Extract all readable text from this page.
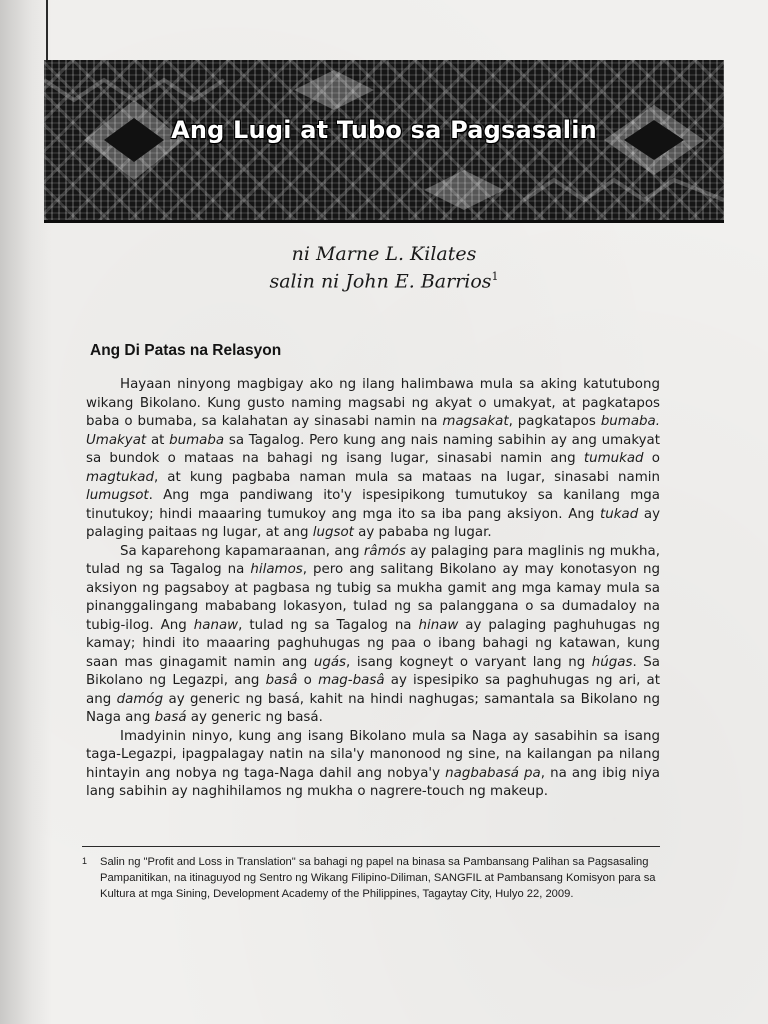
Ang Lugi at Tubo sa Pagsasalin
ni Marne L. Kilates
salin ni John E. Barrios$^1$
Ang Di Patas na Relasyon

Hayaan ninyong magbigay ako ng ilang halimbawa mula sa aking katutubong wikang Bikolano. Kung gusto naming magsabi ng akyat o umakyat, at pagkatapos baba o bumaba, sa kalahatan ay sinasabi namin na magsakat, pagkatapos bumaba. Umakyat at bumaba sa Tagalog. Pero kung ang nais naming sabihin ay ang umakyat sa bundok o mataas na bahagi ng isang lugar, sinasabi namin ang tumukad o magtukad, at kung pagbaba naman mula sa mataas na lugar, sinasabi namin lumugsot. Ang mga pandiwang ito'y ispesipikong tumutukoy sa kanilang mga tinutukoy; hindi maaaring tumukoy ang mga ito sa iba pang aksiyon. Ang tukad ay palaging paitaas ng lugar, at ang lugsot ay pababa ng lugar.

Sa kaparehong kapamaraanan, ang râmós ay palaging para maglinis ng mukha, tulad ng sa Tagalog na hilamos, pero ang salitang Bikolano ay may konotasyon ng aksiyon ng pagsaboy at pagbasa ng tubig sa mukha gamit ang mga kamay mula sa pinanggalingang mababang lokasyon, tulad ng sa palanggana o sa dumadaloy na tubig-ilog. Ang hanaw, tulad ng sa Tagalog na hinaw ay palaging paghuhugas ng kamay; hindi ito maaaring paghuhugas ng paa o ibang bahagi ng katawan, kung saan mas ginagamit namin ang ugás, isang kogneyt o varyant lang ng húgas. Sa Bikolano ng Legazpi, ang basâ o mag-basâ ay ispesipiko sa paghuhugas ng ari, at ang damóg ay generic ng basá, kahit na hindi naghugas; samantala sa Bikolano ng Naga ang basá ay generic ng basá.

Imadyinin ninyo, kung ang isang Bikolano mula sa Naga ay sasabihin sa isang taga-Legazpi, ipagpalagay natin na sila'y manonood ng sine, na kailangan pa nilang hintayin ang nobya ng taga-Naga dahil ang nobya'y nagbabasá pa, na ang ibig niya lang sabihin ay naghihilamos ng mukha o nagrere-touch ng makeup.

1 Salin ng "Profit and Loss in Translation" sa bahagi ng papel na binasa sa Pambansang Palihan sa Pagsasaling Pampanitikan, na itinaguyod ng Sentro ng Wikang Filipino-Diliman, SANGFIL at Pambansang Komisyon para sa Kultura at mga Sining, Development Academy of the Philippines, Tagaytay City, Hulyo 22, 2009.
